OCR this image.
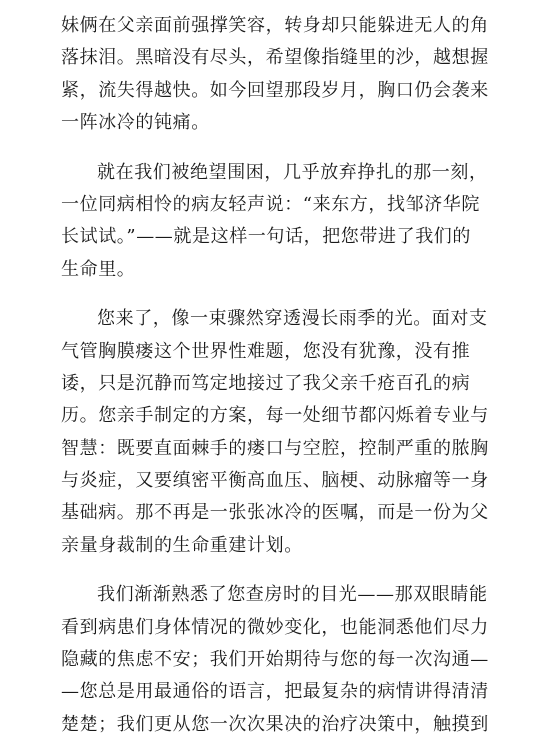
妹俩在父亲面前强撑笑容，转身却只能躲进无人的角
落抹泪。黑暗没有尽头，希望像指缝里的沙，越想握
紧，流失得越快。如今回望那段岁月，胸口仍会袭来
一阵冰冷的钝痛。
就在我们被绝望围困，几乎放弃挣扎的那一刻，
一位同病相怜的病友轻声说：“来东方，找邹济华院
长试试。”——就是这样一句话，把您带进了我们的
生命里。
您来了，像一束骤然穿透漫长雨季的光。面对支
气管胸膜瘘这个世界性难题，您没有犹豫，没有推
诿，只是沉静而笃定地接过了我父亲千疮百孔的病
历。您亲手制定的方案，每一处细节都闪烁着专业与
智慧：既要直面棘手的瘘口与空腔，控制严重的脓胸
与炎症，又要缜密平衡高血压、脑梗、动脉瘤等一身
基础病。那不再是一张张冰冷的医嘱，而是一份为父
亲量身裁制的生命重建计划。
我们渐渐熟悉了您查房时的目光——那双眼睛能
看到病患们身体情况的微妙变化，也能洞悉他们尽力
隐藏的焦虑不安；我们开始期待与您的每一次沟通—
—您总是用最通俗的语言，把最复杂的病情讲得清清
楚楚；我们更从您一次次果决的治疗决策中，触摸到
